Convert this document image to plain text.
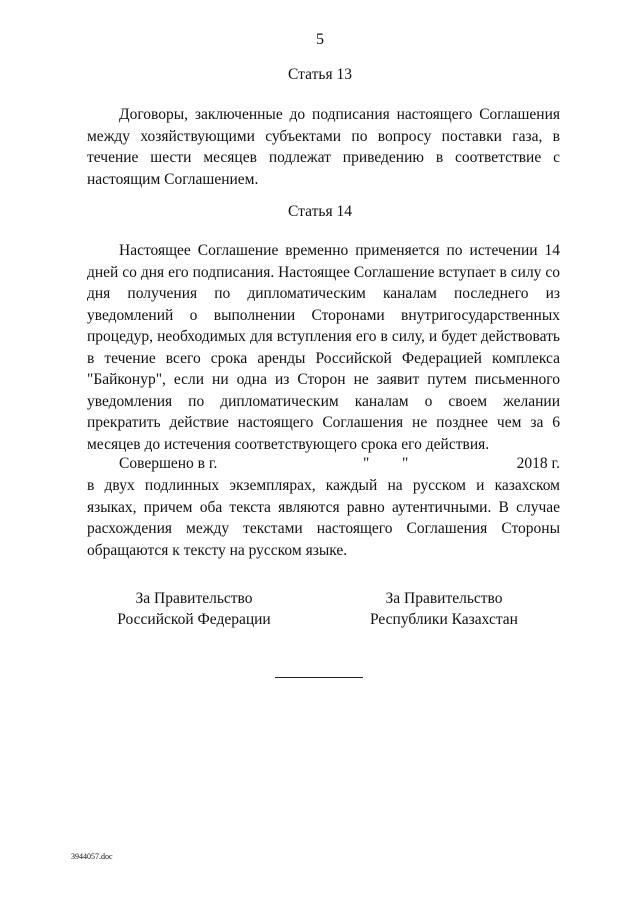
5
Статья 13
Договоры, заключенные до подписания настоящего Соглашения между хозяйствующими субъектами по вопросу поставки газа, в течение шести месяцев подлежат приведению в соответствие с настоящим Соглашением.
Статья 14
Настоящее Соглашение временно применяется по истечении 14 дней со дня его подписания. Настоящее Соглашение вступает в силу со дня получения по дипломатическим каналам последнего из уведомлений о выполнении Сторонами внутригосударственных процедур, необходимых для вступления его в силу, и будет действовать в течение всего срока аренды Российской Федерацией комплекса "Байконур", если ни одна из Сторон не заявит путем письменного уведомления по дипломатическим каналам о своем желании прекратить действие настоящего Соглашения не позднее чем за 6 месяцев до истечения соответствующего срока его действия.
Совершено в г.	" "	2018 г.
в двух подлинных экземплярах, каждый на русском и казахском языках, причем оба текста являются равно аутентичными. В случае расхождения между текстами настоящего Соглашения Стороны обращаются к тексту на русском языке.
За Правительство
Российской Федерации
За Правительство
Республики Казахстан
3944057.doc
